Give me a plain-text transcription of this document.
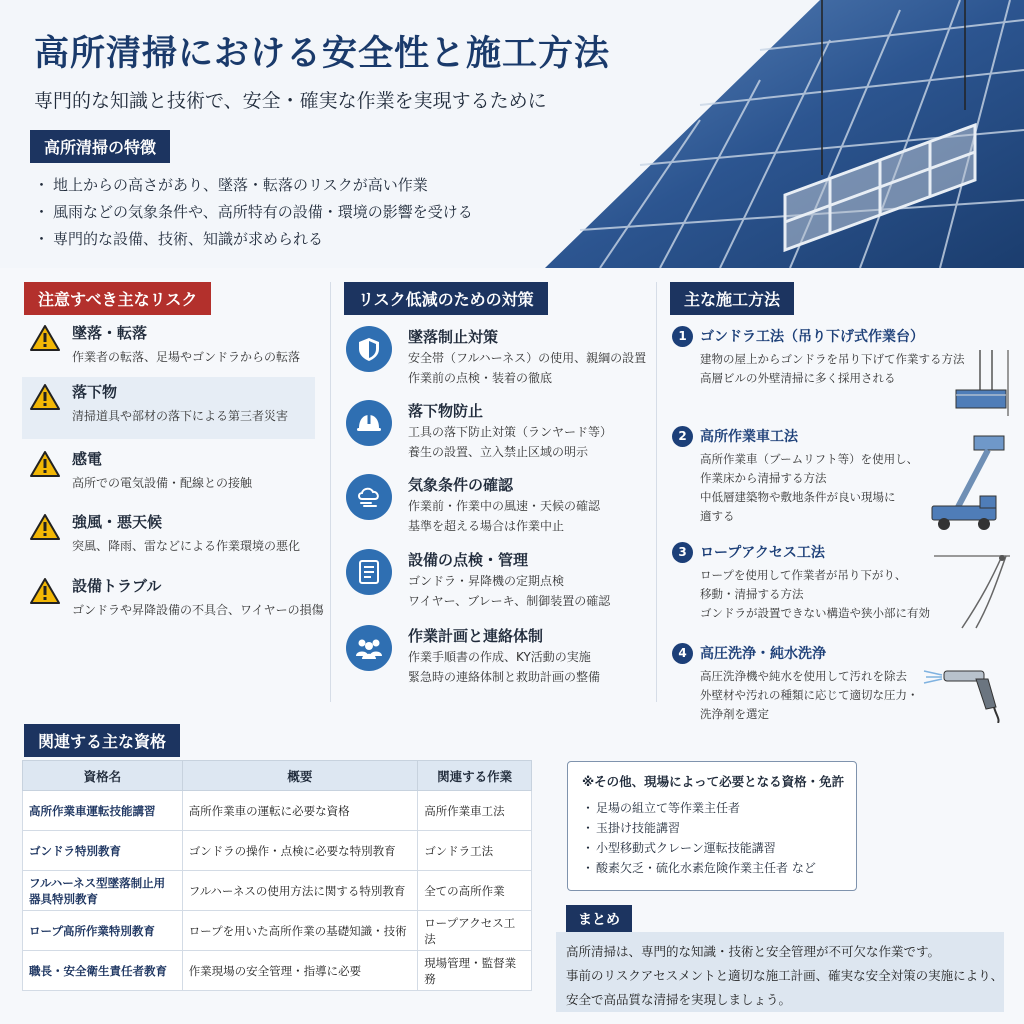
高所清掃における安全性と施工方法
専門的な知識と技術で、安全・確実な作業を実現するために
高所清掃の特徴
・ 地上からの高さがあり、墜落・転落のリスクが高い作業
・ 風雨などの気象条件や、高所特有の設備・環境の影響を受ける
・ 専門的な設備、技術、知識が求められる
注意すべき主なリスク
墜落・転落
作業者の転落、足場やゴンドラからの転落
落下物
清掃道具や部材の落下による第三者災害
感電
高所での電気設備・配線との接触
強風・悪天候
突風、降雨、雷などによる作業環境の悪化
設備トラブル
ゴンドラや昇降設備の不具合、ワイヤーの損傷
リスク低減のための対策
墜落制止対策
安全帯（フルハーネス）の使用、親綱の設置
作業前の点検・装着の徹底
落下物防止
工具の落下防止対策（ランヤード等）
養生の設置、立入禁止区域の明示
気象条件の確認
作業前・作業中の風速・天候の確認
基準を超える場合は作業中止
設備の点検・管理
ゴンドラ・昇降機の定期点検
ワイヤー、ブレーキ、制御装置の確認
作業計画と連絡体制
作業手順書の作成、KY活動の実施
緊急時の連絡体制と救助計画の整備
主な施工方法
1 ゴンドラ工法（吊り下げ式作業台）
建物の屋上からゴンドラを吊り下げて作業する方法
高層ビルの外壁清掃に多く採用される
2 高所作業車工法
高所作業車（ブームリフト等）を使用し、
作業床から清掃する方法
中低層建築物や敷地条件が良い現場に
適する
3 ロープアクセス工法
ロープを使用して作業者が吊り下がり、
移動・清掃する方法
ゴンドラが設置できない構造や狭小部に有効
4 高圧洗浄・純水洗浄
高圧洗浄機や純水を使用して汚れを除去
外壁材や汚れの種類に応じて適切な圧力・
洗浄剤を選定
関連する主な資格
資格名	概要	関連する作業
高所作業車運転技能講習	高所作業車の運転に必要な資格	高所作業車工法
ゴンドラ特別教育	ゴンドラの操作・点検に必要な特別教育	ゴンドラ工法
フルハーネス型墜落制止用器具特別教育	フルハーネスの使用方法に関する特別教育	全ての高所作業
ロープ高所作業特別教育	ロープを用いた高所作業の基礎知識・技術	ロープアクセス工法
職長・安全衛生責任者教育	作業現場の安全管理・指導に必要	現場管理・監督業務
※その他、現場によって必要となる資格・免許
・ 足場の組立て等作業主任者
・ 玉掛け技能講習
・ 小型移動式クレーン運転技能講習
・ 酸素欠乏・硫化水素危険作業主任者 など
まとめ
高所清掃は、専門的な知識・技術と安全管理が不可欠な作業です。
事前のリスクアセスメントと適切な施工計画、確実な安全対策の実施により、
安全で高品質な清掃を実現しましょう。
